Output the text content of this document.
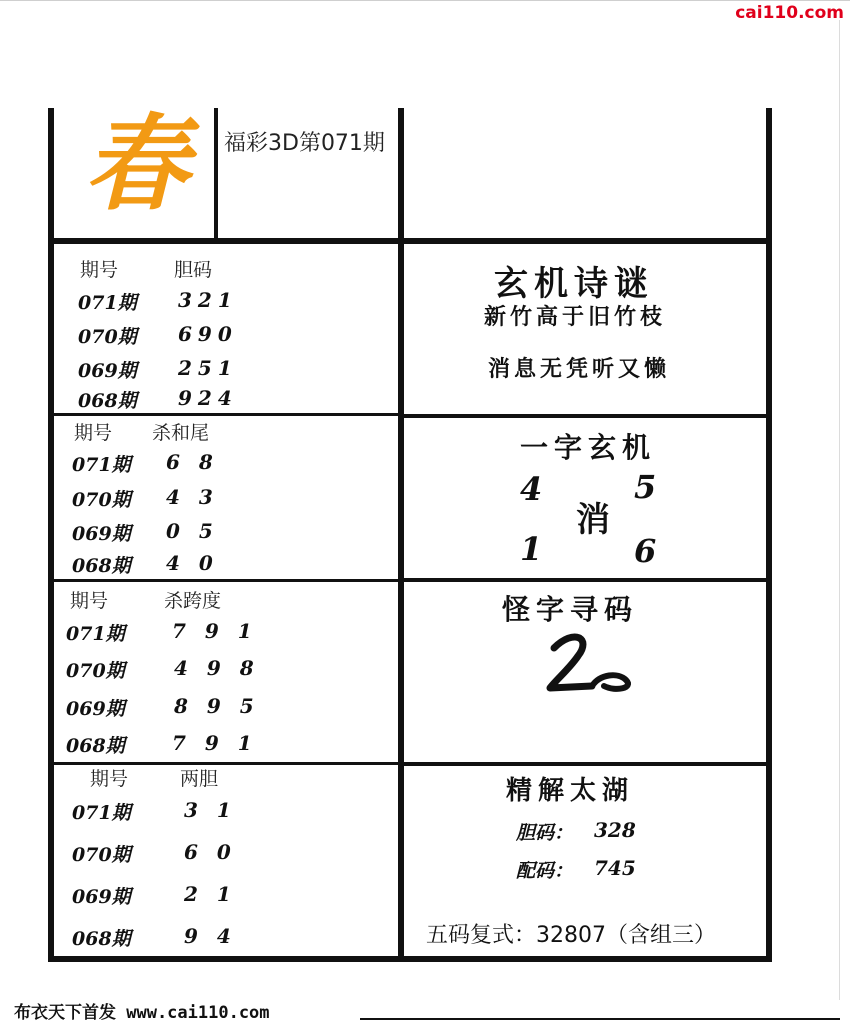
cai110.com
春 福彩3D第071期
期号	胆码
071期 321
070期 690
069期 251
068期 924
期号 杀和尾
071期 6 8
070期 4 3
069期 0 5
068期 4 0
期号	杀跨度
071期 7 9 1
070期 4 9 8
069期 8 9 5
068期 7 9 1
期号	两胆
071期	3 1
070期	6 0
069期	2 1
068期	9 4
玄机诗谜
新竹高于旧竹枝
消息无凭听又懒
一字玄机
4	5
消
1	6
怪字寻码
精解太湖
胆码： 328
配码： 745
五码复式：32807（含组三）
布衣天下首发 www.cai110.com
